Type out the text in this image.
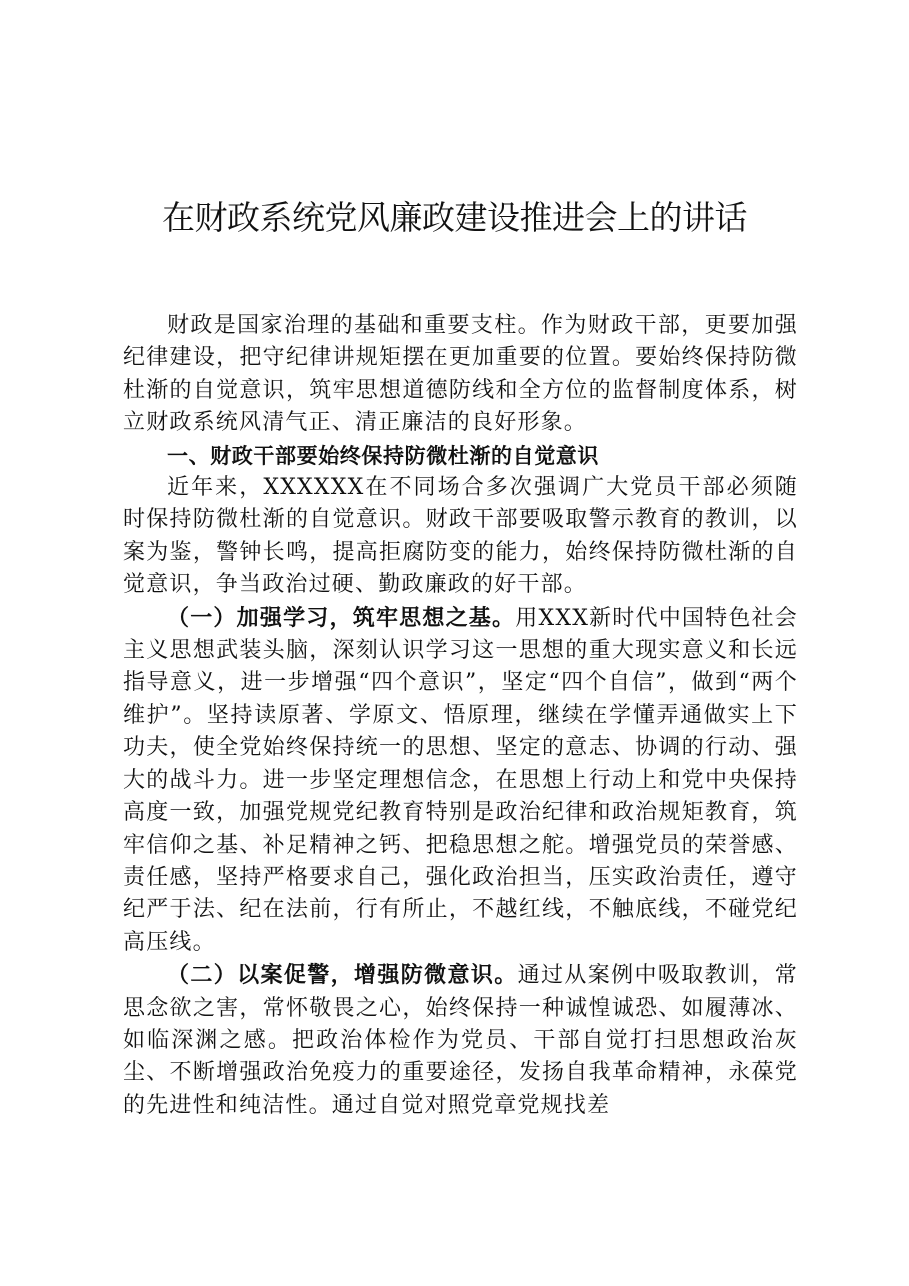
在财政系统党风廉政建设推进会上的讲话

财政是国家治理的基础和重要支柱。作为财政干部，更要加强纪律建设，把守纪律讲规矩摆在更加重要的位置。要始终保持防微杜渐的自觉意识，筑牢思想道德防线和全方位的监督制度体系，树立财政系统风清气正、清正廉洁的良好形象。

一、财政干部要始终保持防微杜渐的自觉意识

近年来，XXXXXX在不同场合多次强调广大党员干部必须随时保持防微杜渐的自觉意识。财政干部要吸取警示教育的教训，以案为鉴，警钟长鸣，提高拒腐防变的能力，始终保持防微杜渐的自觉意识，争当政治过硬、勤政廉政的好干部。

（一）加强学习，筑牢思想之基。用XXX新时代中国特色社会主义思想武装头脑，深刻认识学习这一思想的重大现实意义和长远指导意义，进一步增强“四个意识”，坚定“四个自信”，做到“两个维护”。坚持读原著、学原文、悟原理，继续在学懂弄通做实上下功夫，使全党始终保持统一的思想、坚定的意志、协调的行动、强大的战斗力。进一步坚定理想信念，在思想上行动上和党中央保持高度一致，加强党规党纪教育特别是政治纪律和政治规矩教育，筑牢信仰之基、补足精神之钙、把稳思想之舵。增强党员的荣誉感、责任感，坚持严格要求自己，强化政治担当，压实政治责任，遵守纪严于法、纪在法前，行有所止，不越红线，不触底线，不碰党纪高压线。

（二）以案促警，增强防微意识。通过从案例中吸取教训，常思念欲之害，常怀敬畏之心，始终保持一种诚惶诚恐、如履薄冰、如临深渊之感。把政治体检作为党员、干部自觉打扫思想政治灰尘、不断增强政治免疫力的重要途径，发扬自我革命精神，永葆党的先进性和纯洁性。通过自觉对照党章党规找差
